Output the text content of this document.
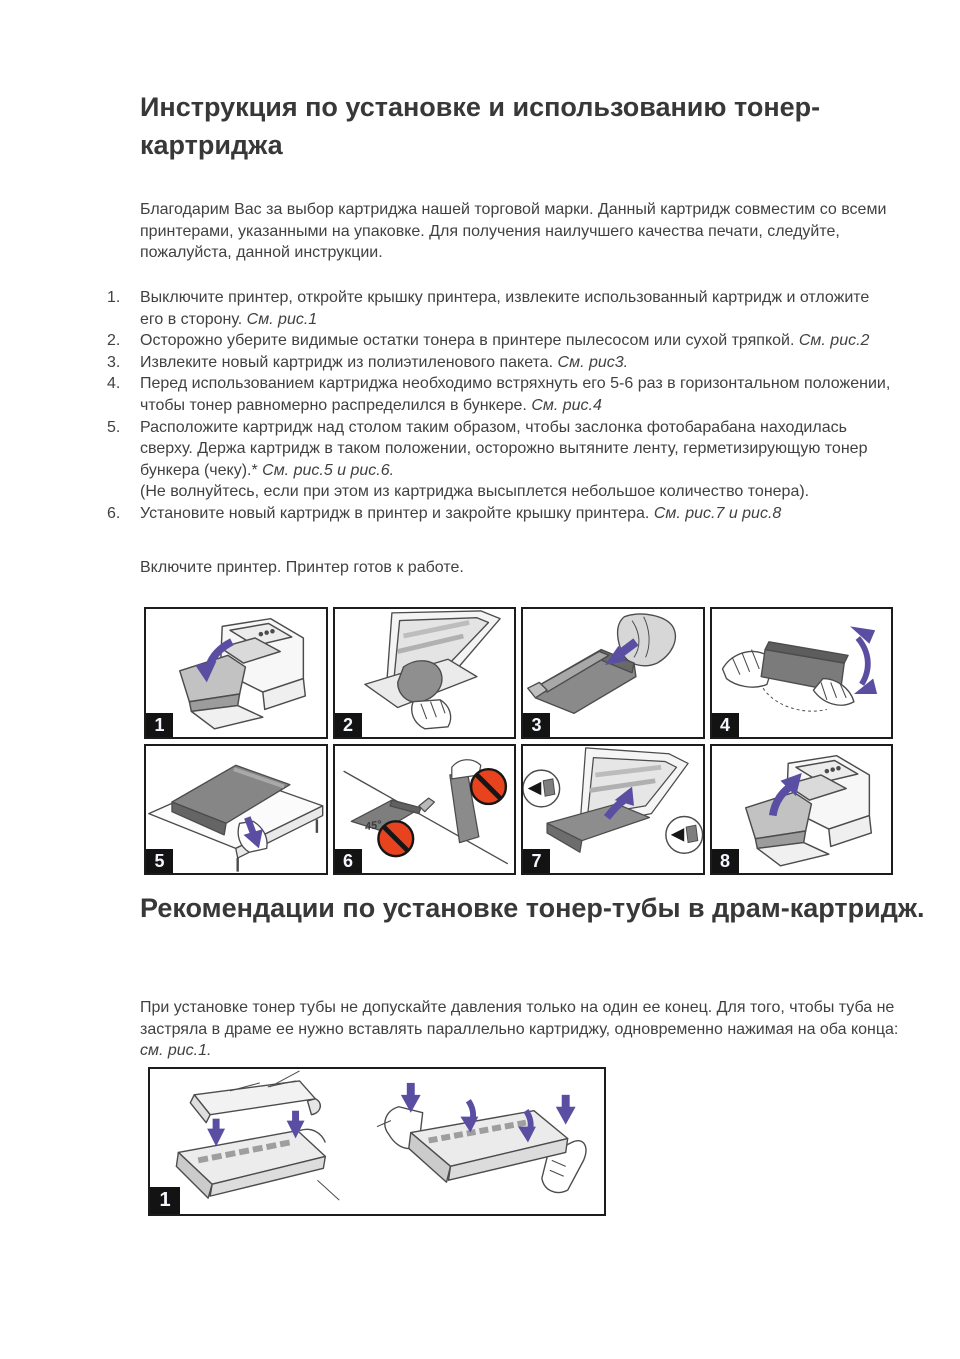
Инструкция по установке и использованию тонер-картриджа

Благодарим Вас за выбор картриджа нашей торговой марки. Данный картридж совместим со всеми принтерами, указанными на упаковке. Для получения наилучшего качества печати, следуйте, пожалуйста, данной инструкции.

1.	Выключите принтер, откройте крышку принтера, извлеките использованный картридж и отложите его в сторону. См. рис.1
2.	Осторожно уберите видимые остатки тонера в принтере пылесосом или сухой тряпкой. См. рис.2
3.	Извлеките новый картридж из полиэтиленового пакета. См. рис3.
4.	Перед использованием картриджа необходимо встряхнуть его 5-6 раз в горизонтальном положении, чтобы тонер равномерно распределился в бункере. См. рис.4
5.	Расположите картридж над столом таким образом, чтобы заслонка фотобарабана находилась сверху. Держа картридж в таком положении, осторожно вытяните ленту, герметизирующую тонер бункера (чеку).* См. рис.5 и рис.6.
(Не волнуйтесь, если при этом из картриджа высыплется небольшое количество тонера).
6.	Установите новый картридж в принтер и закройте крышку принтера. См. рис.7 и рис.8

Включите принтер. Принтер готов к работе.

1	2	3	4
5
45°
6	7	8
Рекомендации по установке тонер-тубы в драм-картридж.

При установке тонер тубы не допускайте давления только на один ее конец. Для того, чтобы туба не застряла в драме ее нужно вставлять параллельно картриджу, одновременно нажимая на оба конца: см. рис.1.

1
